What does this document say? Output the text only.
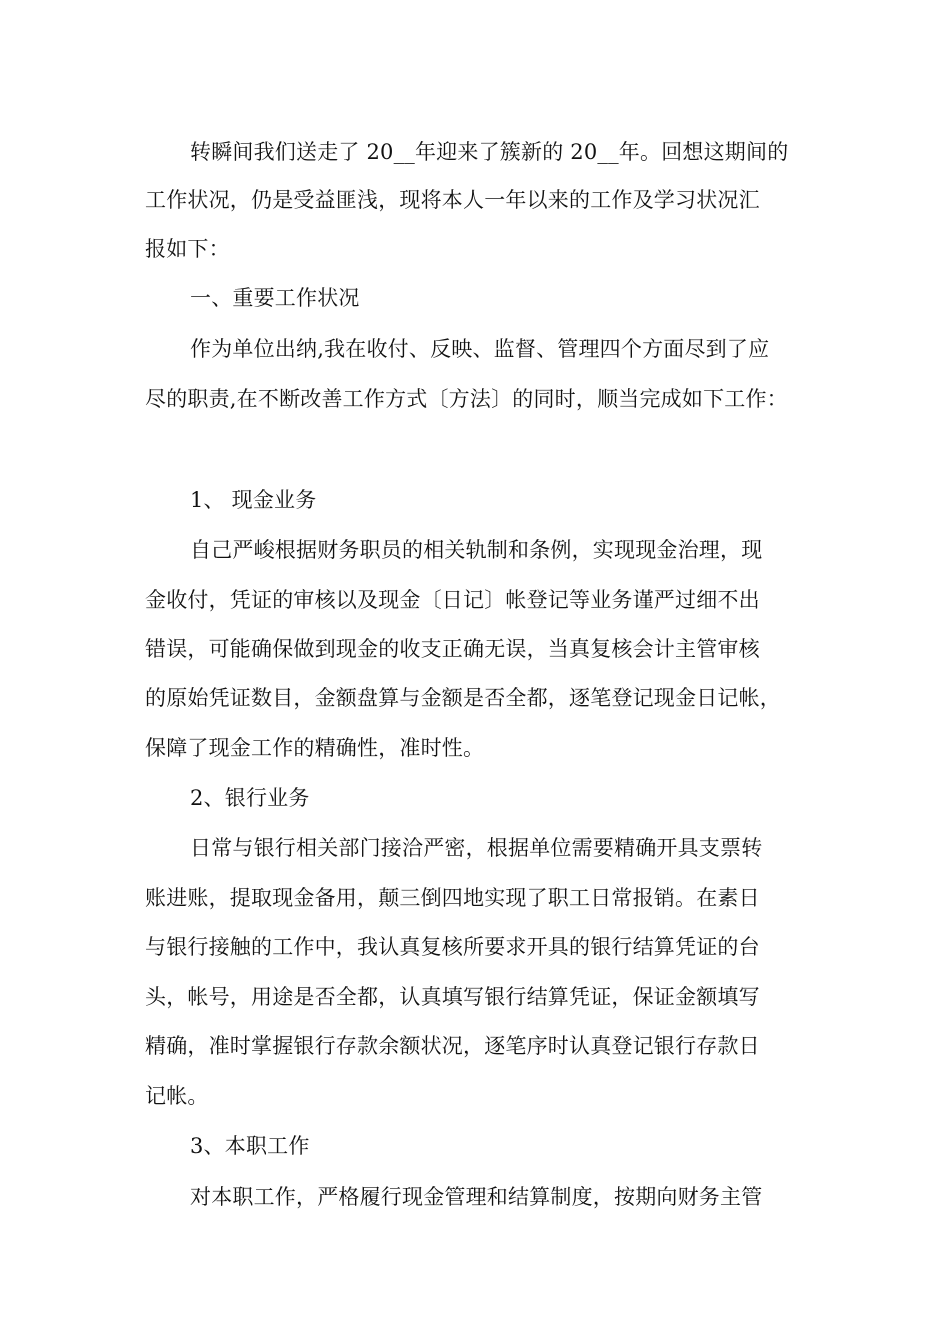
转瞬间我们送走了 20__年迎来了簇新的 20__年。回想这期间的
工作状况，仍是受益匪浅，现将本人一年以来的工作及学习状况汇
报如下：
一、重要工作状况
作为单位出纳,我在收付、反映、监督、管理四个方面尽到了应
尽的职责,在不断改善工作方式〔方法〕的同时，顺当完成如下工作：
1、 现金业务
自己严峻根据财务职员的相关轨制和条例，实现现金治理，现
金收付，凭证的审核以及现金〔日记〕帐登记等业务谨严过细不出
错误，可能确保做到现金的收支正确无误，当真复核会计主管审核
的原始凭证数目，金额盘算与金额是否全都，逐笔登记现金日记帐，
保障了现金工作的精确性，准时性。
2、银行业务
日常与银行相关部门接洽严密，根据单位需要精确开具支票转
账进账，提取现金备用，颠三倒四地实现了职工日常报销。在素日
与银行接触的工作中，我认真复核所要求开具的银行结算凭证的台
头，帐号，用途是否全都，认真填写银行结算凭证，保证金额填写
精确，准时掌握银行存款余额状况，逐笔序时认真登记银行存款日
记帐。
3、本职工作
对本职工作，严格履行现金管理和结算制度，按期向财务主管
